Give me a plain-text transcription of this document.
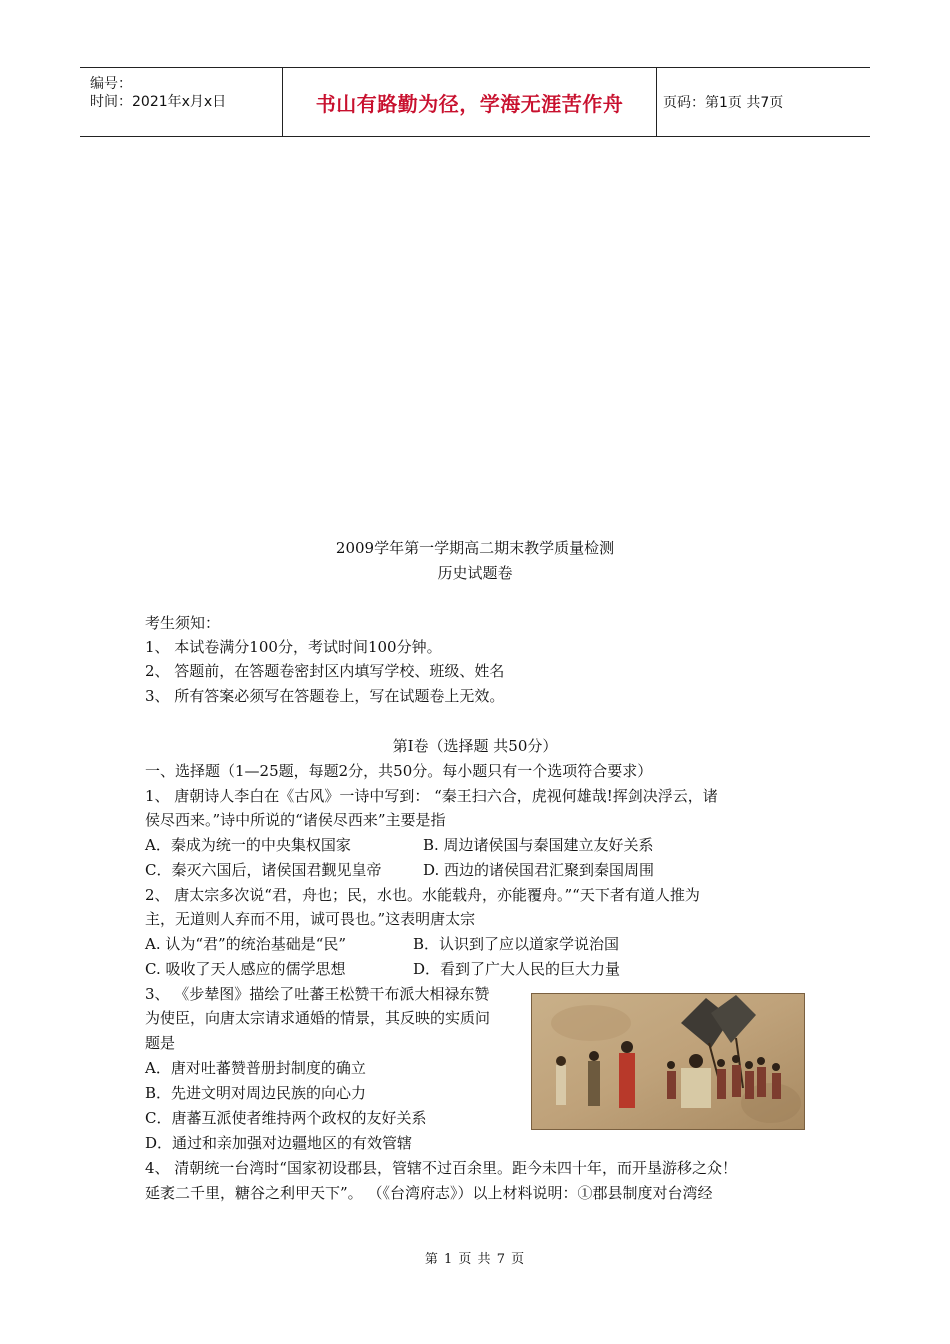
编号：
时间：2021年x月x日	书山有路勤为径，学海无涯苦作舟	页码：第1页 共7页
2009学年第一学期高二期末教学质量检测
历史试题卷
考生须知：
1、 本试卷满分100分，考试时间100分钟。
2、 答题前，在答题卷密封区内填写学校、班级、姓名
3、 所有答案必须写在答题卷上，写在试题卷上无效。
第I卷（选择题 共50分）
一、选择题（1—25题，每题2分，共50分。每小题只有一个选项符合要求）
1、 唐朝诗人李白在《古风》一诗中写到： “秦王扫六合，虎视何雄哉!挥剑决浮云，诸
侯尽西来。”诗中所说的“诸侯尽西来”主要是指
A．秦成为统一的中央集权国家	B. 周边诸侯国与秦国建立友好关系
C．秦灭六国后，诸侯国君觐见皇帝	D. 西边的诸侯国君汇聚到秦国周围
2、 唐太宗多次说“君，舟也；民，水也。水能载舟，亦能覆舟。”“天下者有道人推为
主，无道则人弃而不用，诚可畏也。”这表明唐太宗
A. 认为“君”的统治基础是“民”	B．认识到了应以道家学说治国
C. 吸收了天人感应的儒学思想	D．看到了广大人民的巨大力量
3、 《步辇图》描绘了吐蕃王松赞干布派大相禄东赞
为使臣，向唐太宗请求通婚的情景，其反映的实质问
题是
A．唐对吐蕃赞普册封制度的确立
B．先进文明对周边民族的向心力
C．唐蕃互派使者维持两个政权的友好关系
D．通过和亲加强对边疆地区的有效管辖
4、 清朝统一台湾时“国家初设郡县，管辖不过百余里。距今未四十年，而开垦游移之众！
延袤二千里，糖谷之利甲天下”。 （《台湾府志》）以上材料说明：①郡县制度对台湾经
第 1 页 共 7 页
